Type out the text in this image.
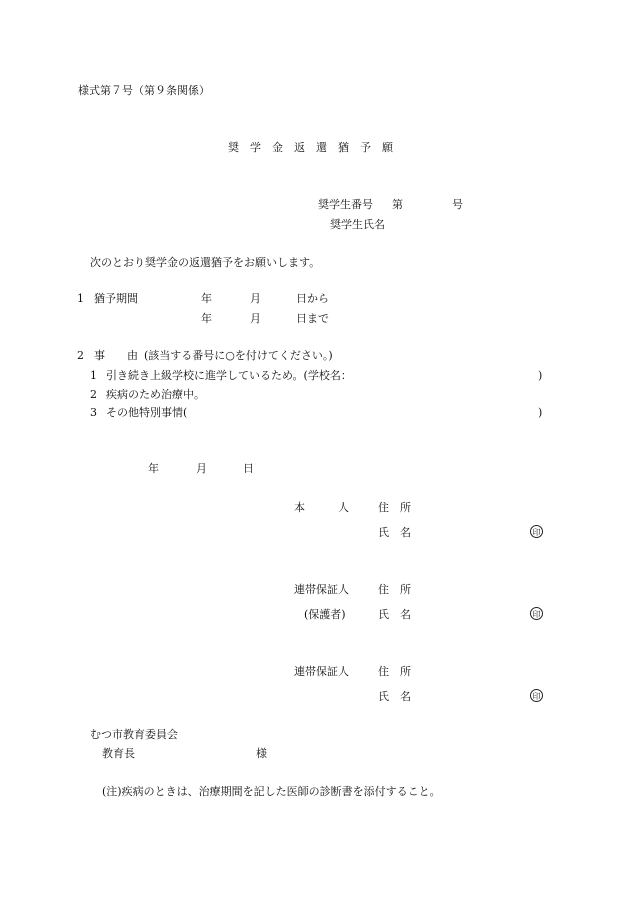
様式第７号（第９条関係）
奨　学　金　返　還　猶　予　願
奨学生番号 第	号
奨学生氏名
次のとおり奨学金の返還猶予をお願いします。
1 猶予期間	年	月	日から
年	月	日まで
2 事　　由 (該当する番号に○を付けてください。)
1 引き続き上級学校に進学しているため。(学校名：	)
2 疾病のため治療中。
3 その他特別事情(	)
年	月	日
本　　　人	住　所
氏　名	印
連帯保証人	住　所
(保護者)	氏　名	印
連帯保証人	住　所
氏　名	印
むつ市教育委員会
教育長	様
(注)疾病のときは、治療期間を記した医師の診断書を添付すること。
